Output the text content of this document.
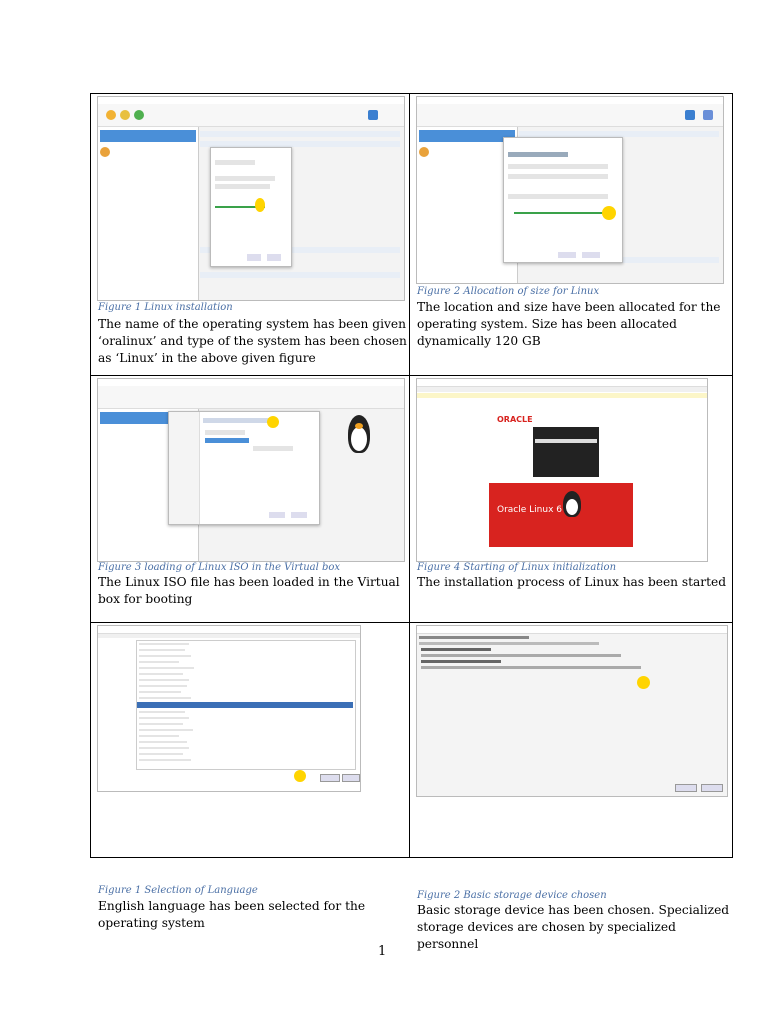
Figure 1 Linux installation
The name of the operating system has been given
‘oralinux’ and type of the system has been chosen
as ‘Linux’ in the above given figure
Figure 2 Allocation of size for Linux
The location and size have been allocated for the
operating system. Size has been allocated
dynamically 120 GB
Figure 3 loading of Linux ISO in the Virtual box
The Linux ISO file has been loaded in the Virtual
box for booting
ORACLE
Oracle Linux 6
Figure 4 Starting of Linux initialization
The installation process of Linux has been started
Figure 1 Selection of Language
English language has been selected for the
operating system
Figure 2 Basic storage device chosen
Basic storage device has been chosen. Specialized
storage devices are chosen by specialized personnel
1
